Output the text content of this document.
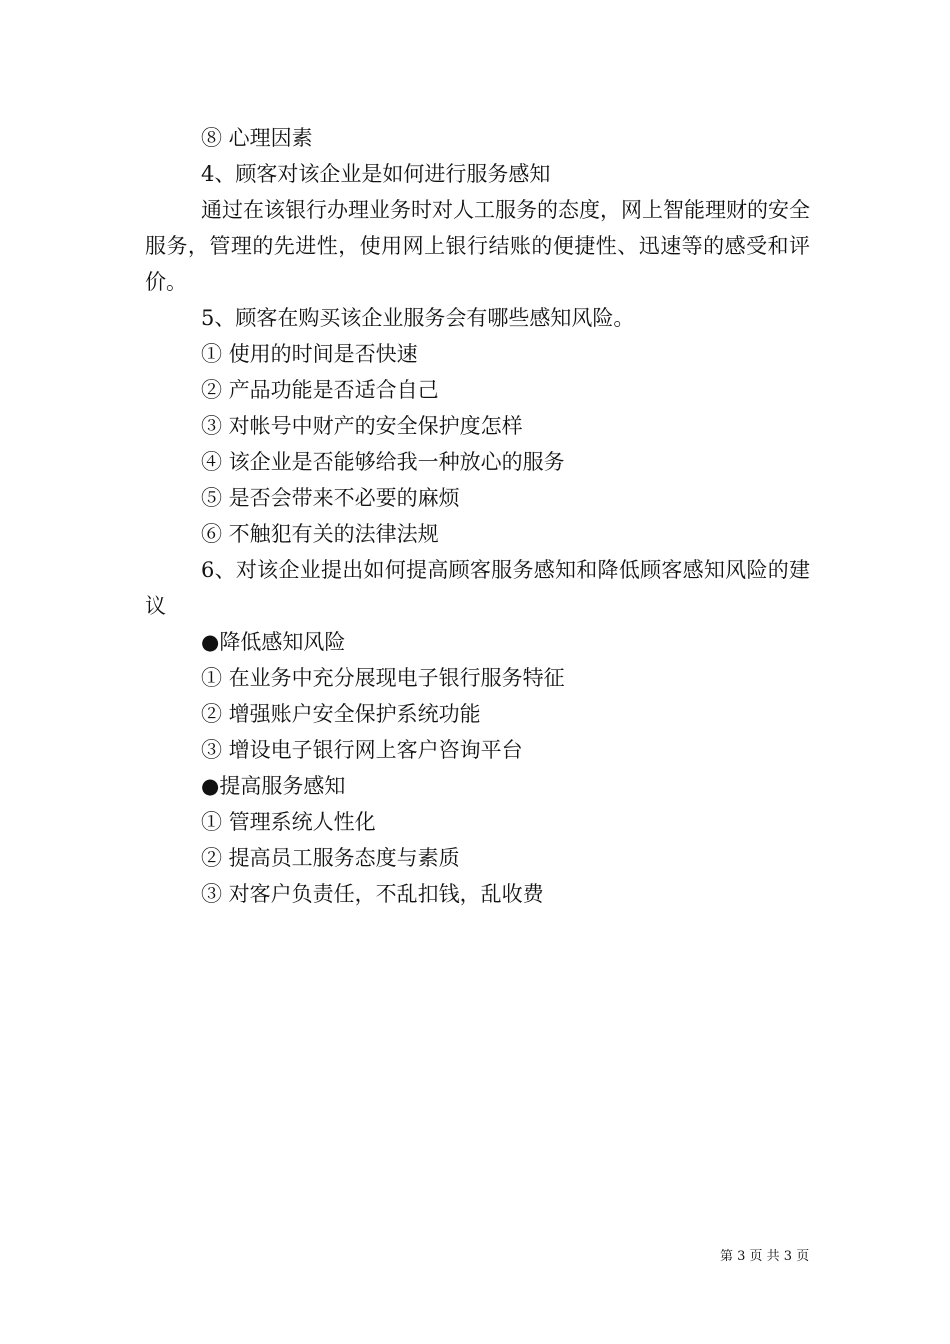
⑧ 心理因素

4、顾客对该企业是如何进行服务感知

通过在该银行办理业务时对人工服务的态度，网上智能理财的安全服务，管理的先进性，使用网上银行结账的便捷性、迅速等的感受和评价。

5、顾客在购买该企业服务会有哪些感知风险。

① 使用的时间是否快速

② 产品功能是否适合自己

③ 对帐号中财产的安全保护度怎样

④ 该企业是否能够给我一种放心的服务

⑤ 是否会带来不必要的麻烦

⑥ 不触犯有关的法律法规

6、对该企业提出如何提高顾客服务感知和降低顾客感知风险的建议

●降低感知风险

① 在业务中充分展现电子银行服务特征

② 增强账户安全保护系统功能

③ 增设电子银行网上客户咨询平台

●提高服务感知

① 管理系统人性化

② 提高员工服务态度与素质

③ 对客户负责任，不乱扣钱，乱收费

第 3 页 共 3 页
